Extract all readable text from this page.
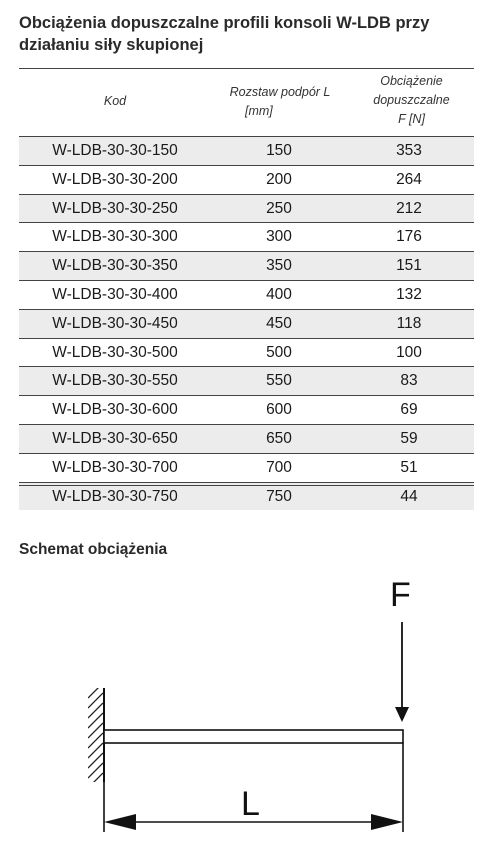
Obciążenia dopuszczalne profili konsoli W-LDB przy działaniu siły skupionej
Kod
Rozstaw podpór L
[mm]
Obciążenie
dopuszczalne
F [N]
W-LDB-30-30-150	150	353
W-LDB-30-30-200	200	264
W-LDB-30-30-250	250	212
W-LDB-30-30-300	300	176
W-LDB-30-30-350	350	151
W-LDB-30-30-400	400	132
W-LDB-30-30-450	450	118
W-LDB-30-30-500	500	100
W-LDB-30-30-550	550	83
W-LDB-30-30-600	600	69
W-LDB-30-30-650	650	59
W-LDB-30-30-700	700	51
W-LDB-30-30-750	750	44
Schemat obciążenia
F
L
